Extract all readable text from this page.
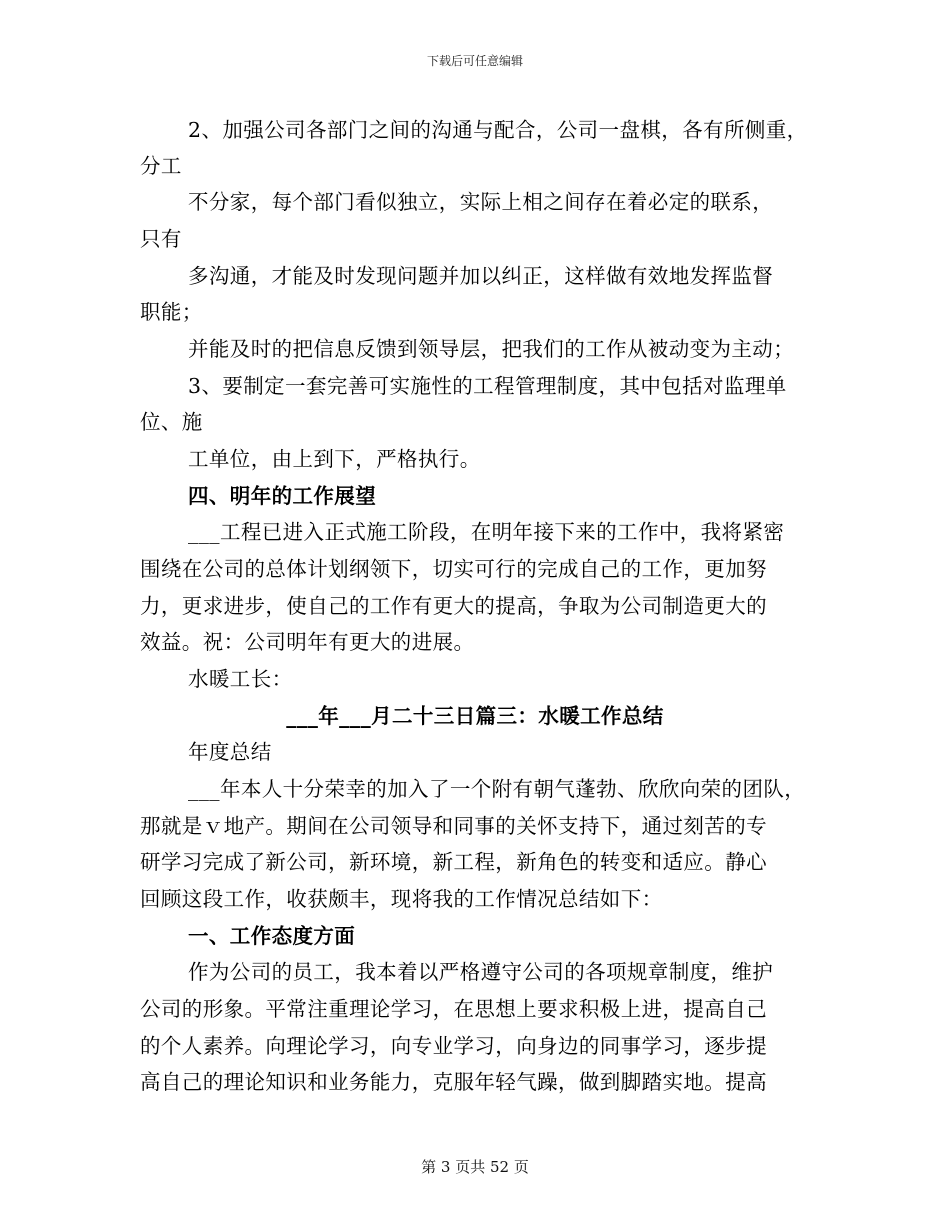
下载后可任意编辑
2、加强公司各部门之间的沟通与配合，公司一盘棋，各有所侧重，
分工
不分家，每个部门看似独立，实际上相之间存在着必定的联系，
只有
多沟通，才能及时发现问题并加以纠正，这样做有效地发挥监督
职能；
并能及时的把信息反馈到领导层，把我们的工作从被动变为主动；
3、要制定一套完善可实施性的工程管理制度，其中包括对监理单
位、施
工单位，由上到下，严格执行。
四、明年的工作展望
___工程已进入正式施工阶段，在明年接下来的工作中，我将紧密
围绕在公司的总体计划纲领下，切实可行的完成自己的工作，更加努
力，更求进步，使自己的工作有更大的提高，争取为公司制造更大的
效益。祝：公司明年有更大的进展。
水暖工长：
___年___月二十三日篇三：水暖工作总结
年度总结
___年本人十分荣幸的加入了一个附有朝气蓬勃、欣欣向荣的团队，
那就是ｖ地产。期间在公司领导和同事的关怀支持下，通过刻苦的专
研学习完成了新公司，新环境，新工程，新角色的转变和适应。静心
回顾这段工作，收获颇丰，现将我的工作情况总结如下：
一、工作态度方面
作为公司的员工，我本着以严格遵守公司的各项规章制度，维护
公司的形象。平常注重理论学习，在思想上要求积极上进，提高自己
的个人素养。向理论学习，向专业学习，向身边的同事学习，逐步提
高自己的理论知识和业务能力，克服年轻气躁，做到脚踏实地。提高
第 3 页共 52 页
